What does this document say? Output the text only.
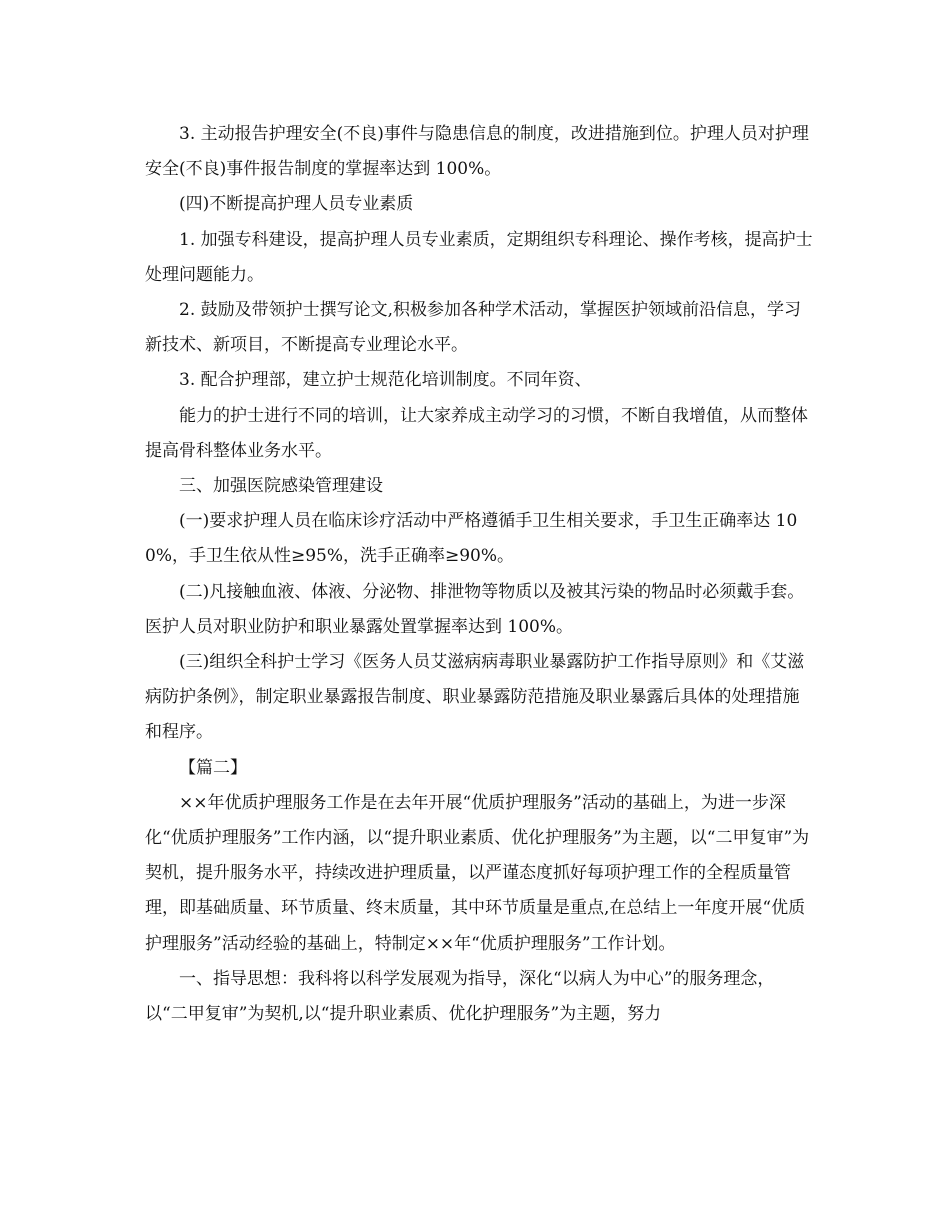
3. 主动报告护理安全(不良)事件与隐患信息的制度，改进措施到位。护理人员对护理安全(不良)事件报告制度的掌握率达到 100%。

(四)不断提高护理人员专业素质

1. 加强专科建设，提高护理人员专业素质，定期组织专科理论、操作考核，提高护士处理问题能力。

2. 鼓励及带领护士撰写论文,积极参加各种学术活动，掌握医护领域前沿信息，学习新技术、新项目，不断提高专业理论水平。

3. 配合护理部，建立护士规范化培训制度。不同年资、

能力的护士进行不同的培训，让大家养成主动学习的习惯，不断自我增值，从而整体提高骨科整体业务水平。

三、加强医院感染管理建设

(一)要求护理人员在临床诊疗活动中严格遵循手卫生相关要求，手卫生正确率达 100%，手卫生依从性≥95%，洗手正确率≥90%。

(二)凡接触血液、体液、分泌物、排泄物等物质以及被其污染的物品时必须戴手套。医护人员对职业防护和职业暴露处置掌握率达到 100%。

(三)组织全科护士学习《医务人员艾滋病病毒职业暴露防护工作指导原则》和《艾滋病防护条例》，制定职业暴露报告制度、职业暴露防范措施及职业暴露后具体的处理措施和程序。

【篇二】

××年优质护理服务工作是在去年开展“优质护理服务”活动的基础上，为进一步深化“优质护理服务”工作内涵，以“提升职业素质、优化护理服务”为主题，以“二甲复审”为契机，提升服务水平，持续改进护理质量，以严谨态度抓好每项护理工作的全程质量管理，即基础质量、环节质量、终末质量，其中环节质量是重点,在总结上一年度开展“优质护理服务”活动经验的基础上，特制定××年“优质护理服务”工作计划。

一、指导思想：我科将以科学发展观为指导，深化“以病人为中心”的服务理念，以“二甲复审”为契机,以“提升职业素质、优化护理服务”为主题，努力
